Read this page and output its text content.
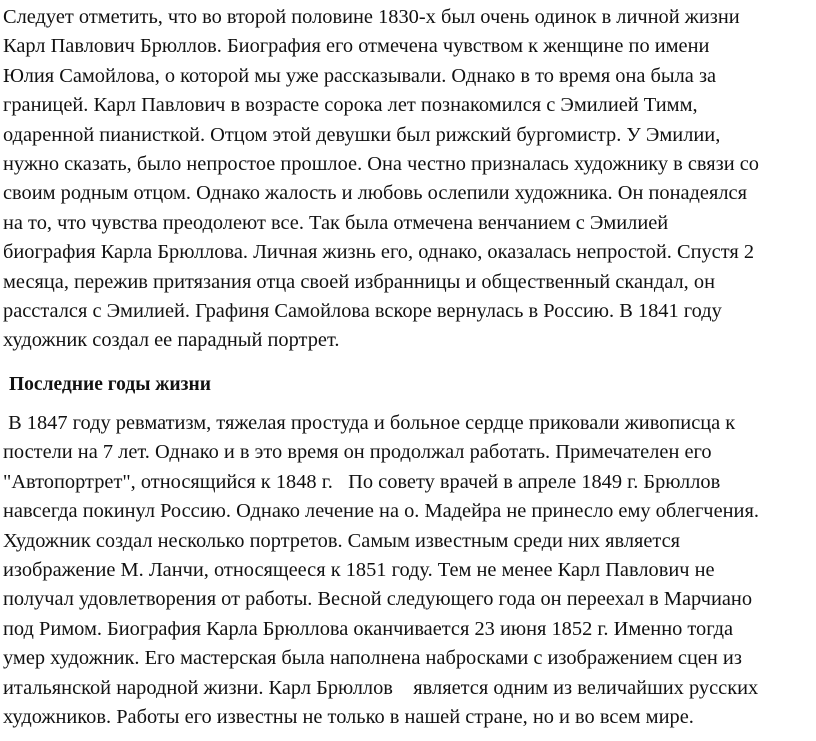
Следует отметить, что во второй половине 1830-х был очень одинок в личной жизни
Карл Павлович Брюллов. Биография его отмечена чувством к женщине по имени
Юлия Самойлова, о которой мы уже рассказывали. Однако в то время она была за
границей. Карл Павлович в возрасте сорока лет познакомился с Эмилией Тимм,
одаренной пианисткой. Отцом этой девушки был рижский бургомистр. У Эмилии,
нужно сказать, было непростое прошлое. Она честно призналась художнику в связи со
своим родным отцом. Однако жалость и любовь ослепили художника. Он понадеялся
на то, что чувства преодолеют все. Так была отмечена венчанием с Эмилией
биография Карла Брюллова. Личная жизнь его, однако, оказалась непростой. Спустя 2
месяца, пережив притязания отца своей избранницы и общественный скандал, он
расстался с Эмилией. Графиня Самойлова вскоре вернулась в Россию. В 1841 году
художник создал ее парадный портрет.
Последние годы жизни
В 1847 году ревматизм, тяжелая простуда и больное сердце приковали живописца к
постели на 7 лет. Однако и в это время он продолжал работать. Примечателен его
"Автопортрет", относящийся к 1848 г.   По совету врачей в апреле 1849 г. Брюллов
навсегда покинул Россию. Однако лечение на о. Мадейра не принесло ему облегчения.
Художник создал несколько портретов. Самым известным среди них является
изображение М. Ланчи, относящееся к 1851 году. Тем не менее Карл Павлович не
получал удовлетворения от работы. Весной следующего года он переехал в Марчиано
под Римом. Биография Карла Брюллова оканчивается 23 июня 1852 г. Именно тогда
умер художник. Его мастерская была наполнена набросками с изображением сцен из
итальянской народной жизни. Карл Брюллов    является одним из величайших русских
художников. Работы его известны не только в нашей стране, но и во всем мире.
